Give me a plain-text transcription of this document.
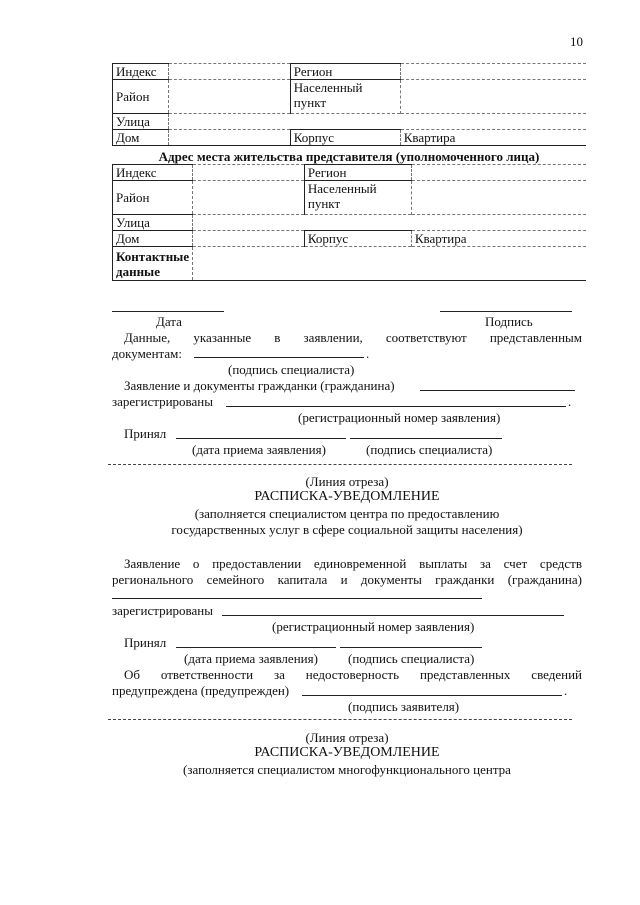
10
Индекс		Регион	
Район		Населенный пункт	
Улица			
Дом		Корпус	Квартира
Адрес места жительства представителя (уполномоченного лица)
Индекс		Регион	
Район		Населенный пункт	
Улица			
Дом		Корпус	Квартира
Контактные данные			
Дата	Подпись
Данные, указанные в заявлении, соответствуют представленным
документам:	.
(подпись специалиста)
Заявление и документы гражданки (гражданина)
зарегистрированы	.
(регистрационный номер заявления)
Принял
(дата приема заявления)	(подпись специалиста)
(Линия отреза)
РАСПИСКА-УВЕДОМЛЕНИЕ
(заполняется специалистом центра по предоставлению
государственных услуг в сфере социальной защиты населения)
Заявление о предоставлении единовременной выплаты за счет средств
регионального семейного капитала и документы гражданки (гражданина)
зарегистрированы
(регистрационный номер заявления)
Принял
(дата приема заявления) (подпись специалиста)
Об ответственности за недостоверность представленных сведений
предупреждена (предупрежден)	.
(подпись заявителя)
(Линия отреза)
РАСПИСКА-УВЕДОМЛЕНИЕ
(заполняется специалистом многофункционального центра
